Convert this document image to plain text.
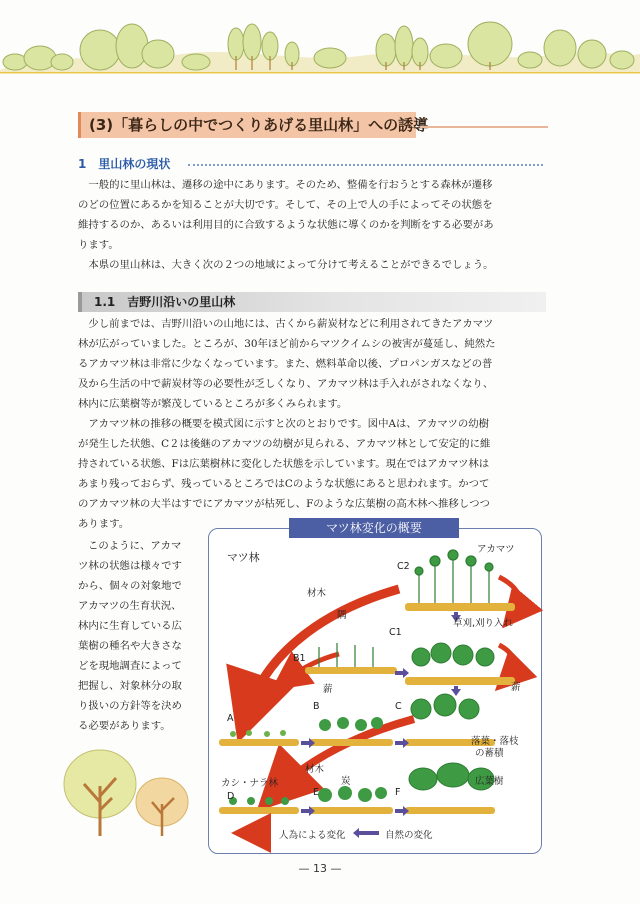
(3)「暮らしの中でつくりあげる里山林」への誘導
1　里山林の現状
一般的に里山林は、遷移の途中にあります。そのため、整備を行おうとする森林が遷移
のどの位置にあるかを知ることが大切です。そして、その上で人の手によってその状態を
維持するのか、あるいは利用目的に合致するような状態に導くのかを判断をする必要があ
ります。
本県の里山林は、大きく次の２つの地域によって分けて考えることができるでしょう。
1.1　吉野川沿いの里山林
少し前までは、吉野川沿いの山地には、古くから薪炭材などに利用されてきたアカマツ
林が広がっていました。ところが、30年ほど前からマツクイムシの被害が蔓延し、純然た
るアカマツ林は非常に少なくなっています。また、燃料革命以後、プロパンガスなどの普
及から生活の中で薪炭材等の必要性が乏しくなり、アカマツ林は手入れがされなくなり、
林内に広葉樹等が繁茂しているところが多くみられます。
アカマツ林の推移の概要を模式図に示すと次のとおりです。図中Aは、アカマツの幼樹
が発生した状態、C２は後継のアカマツの幼樹が見られる、アカマツ林として安定的に維
持されている状態、Fは広葉樹林に変化した状態を示しています。現在ではアカマツ林は
あまり残っておらず、残っているところではCのような状態にあると思われます。かつて
のアカマツ林の大半はすでにアカマツが枯死し、Fのような広葉樹の高木林へ推移しつつ
あります。
このように、アカマ
ツ林の状態は様々です
から、個々の対象地で
アカマツの生育状況、
林内に生育している広
葉樹の種名や大きさな
どを現地調査によって
把握し、対象林分の取
り扱いの方針等を決め
る必要があります。
マツ林変化の概要
マツ林
アカマツ
C2
材木
隅
草刈,刈り入れ
C1
B1
薪	薪
A
B	C
落葉・落枝
の蓄積
材木
カシ・ナラ林	炭	広葉樹
D	E	F
人為による変化	自然の変化
— 13 —
